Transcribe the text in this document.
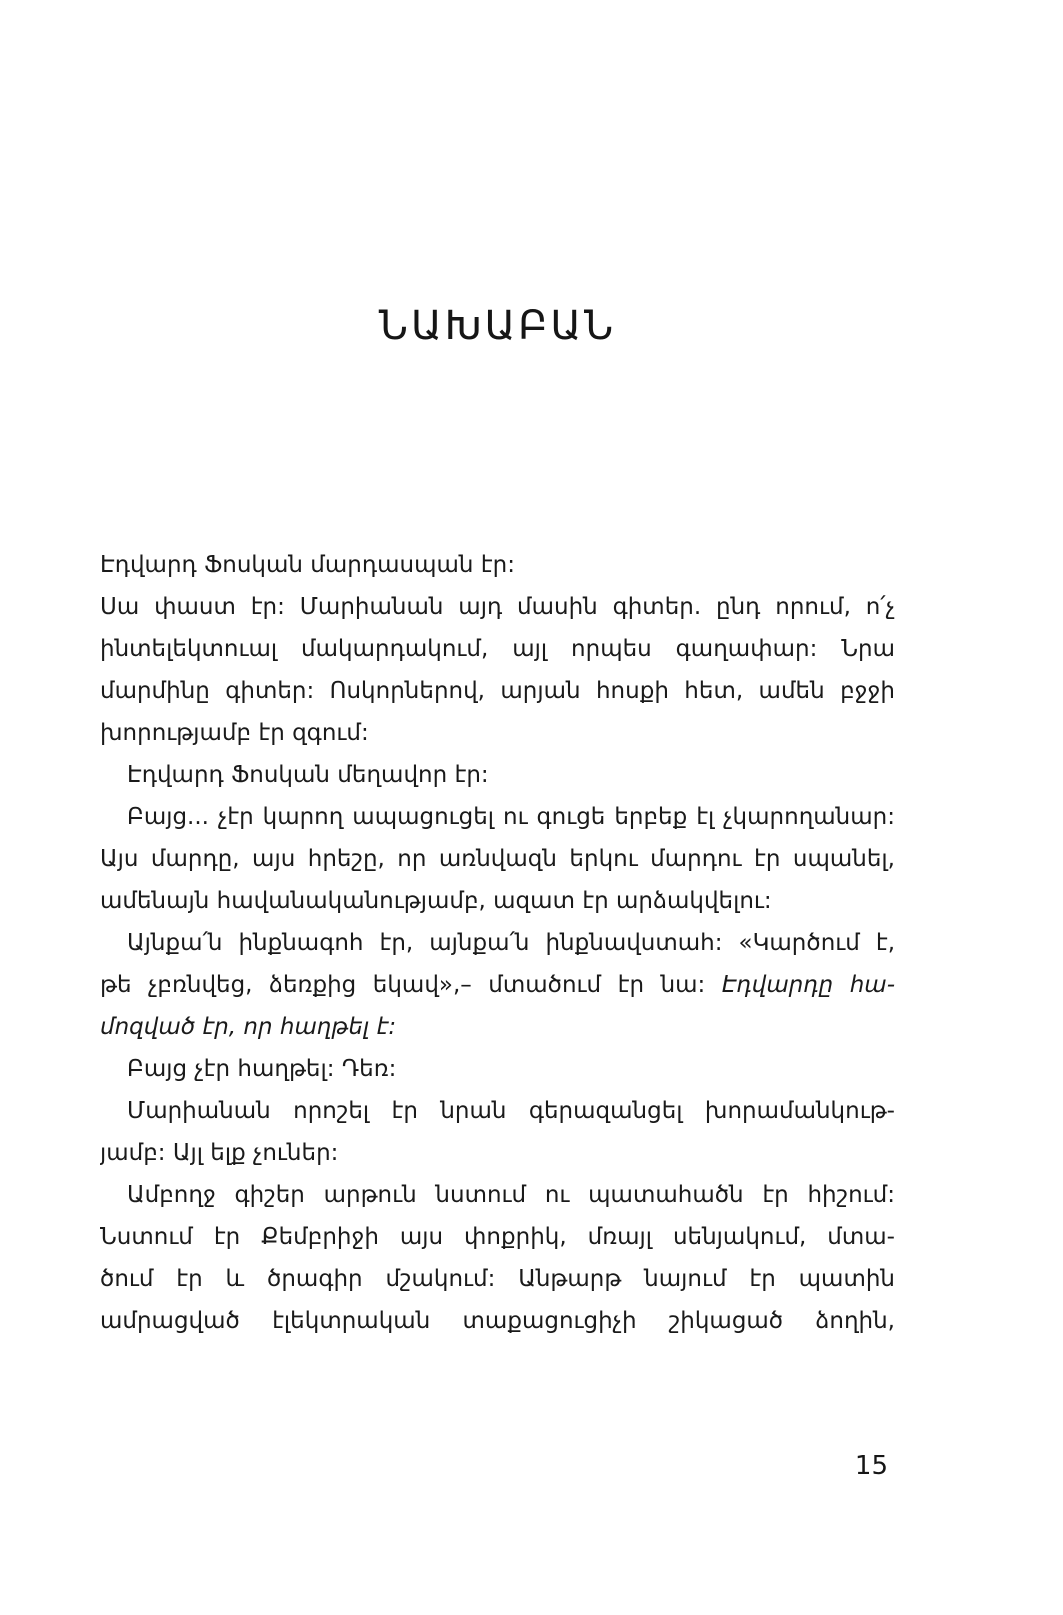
ՆԱԽԱԲԱՆ
Էդվարդ Ֆոսկան մարդասպան էր:
Սա փաստ էր: Մարիանան այդ մասին գիտեր. ընդ որում, ո՛չ
ինտելեկտուալ մակարդակում, այլ որպես գաղափար: Նրա
մարմինը գիտեր: Ոսկորներով, արյան հոսքի հետ, ամեն բջջի
խորությամբ էր զգում:
Էդվարդ Ֆոսկան մեղավոր էր:
Բայց... չէր կարող ապացուցել ու գուցե երբեք էլ չկարողանար:
Այս մարդը, այս հրեշը, որ առնվազն երկու մարդու էր սպանել,
ամենայն հավանականությամբ, ազատ էր արձակվելու:
Այնքա՛ն ինքնագոհ էր, այնքա՛ն ինքնավստահ: «Կարծում է,
թե չբռնվեց, ձեռքից եկավ»,– մտածում էր նա: Էդվարդը հա-
մոզված էր, որ հաղթել է:
Բայց չէր հաղթել: Դեռ:
Մարիանան որոշել էր նրան գերազանցել խորամանկութ-
յամբ: Այլ ելք չուներ:
Ամբողջ գիշեր արթուն նստում ու պատահածն էր հիշում:
Նստում էր Քեմբրիջի այս փոքրիկ, մռայլ սենյակում, մտա-
ծում էր և ծրագիր մշակում: Անթարթ նայում էր պատին
ամրացված էլեկտրական տաքացուցիչի շիկացած ձողին,
15
